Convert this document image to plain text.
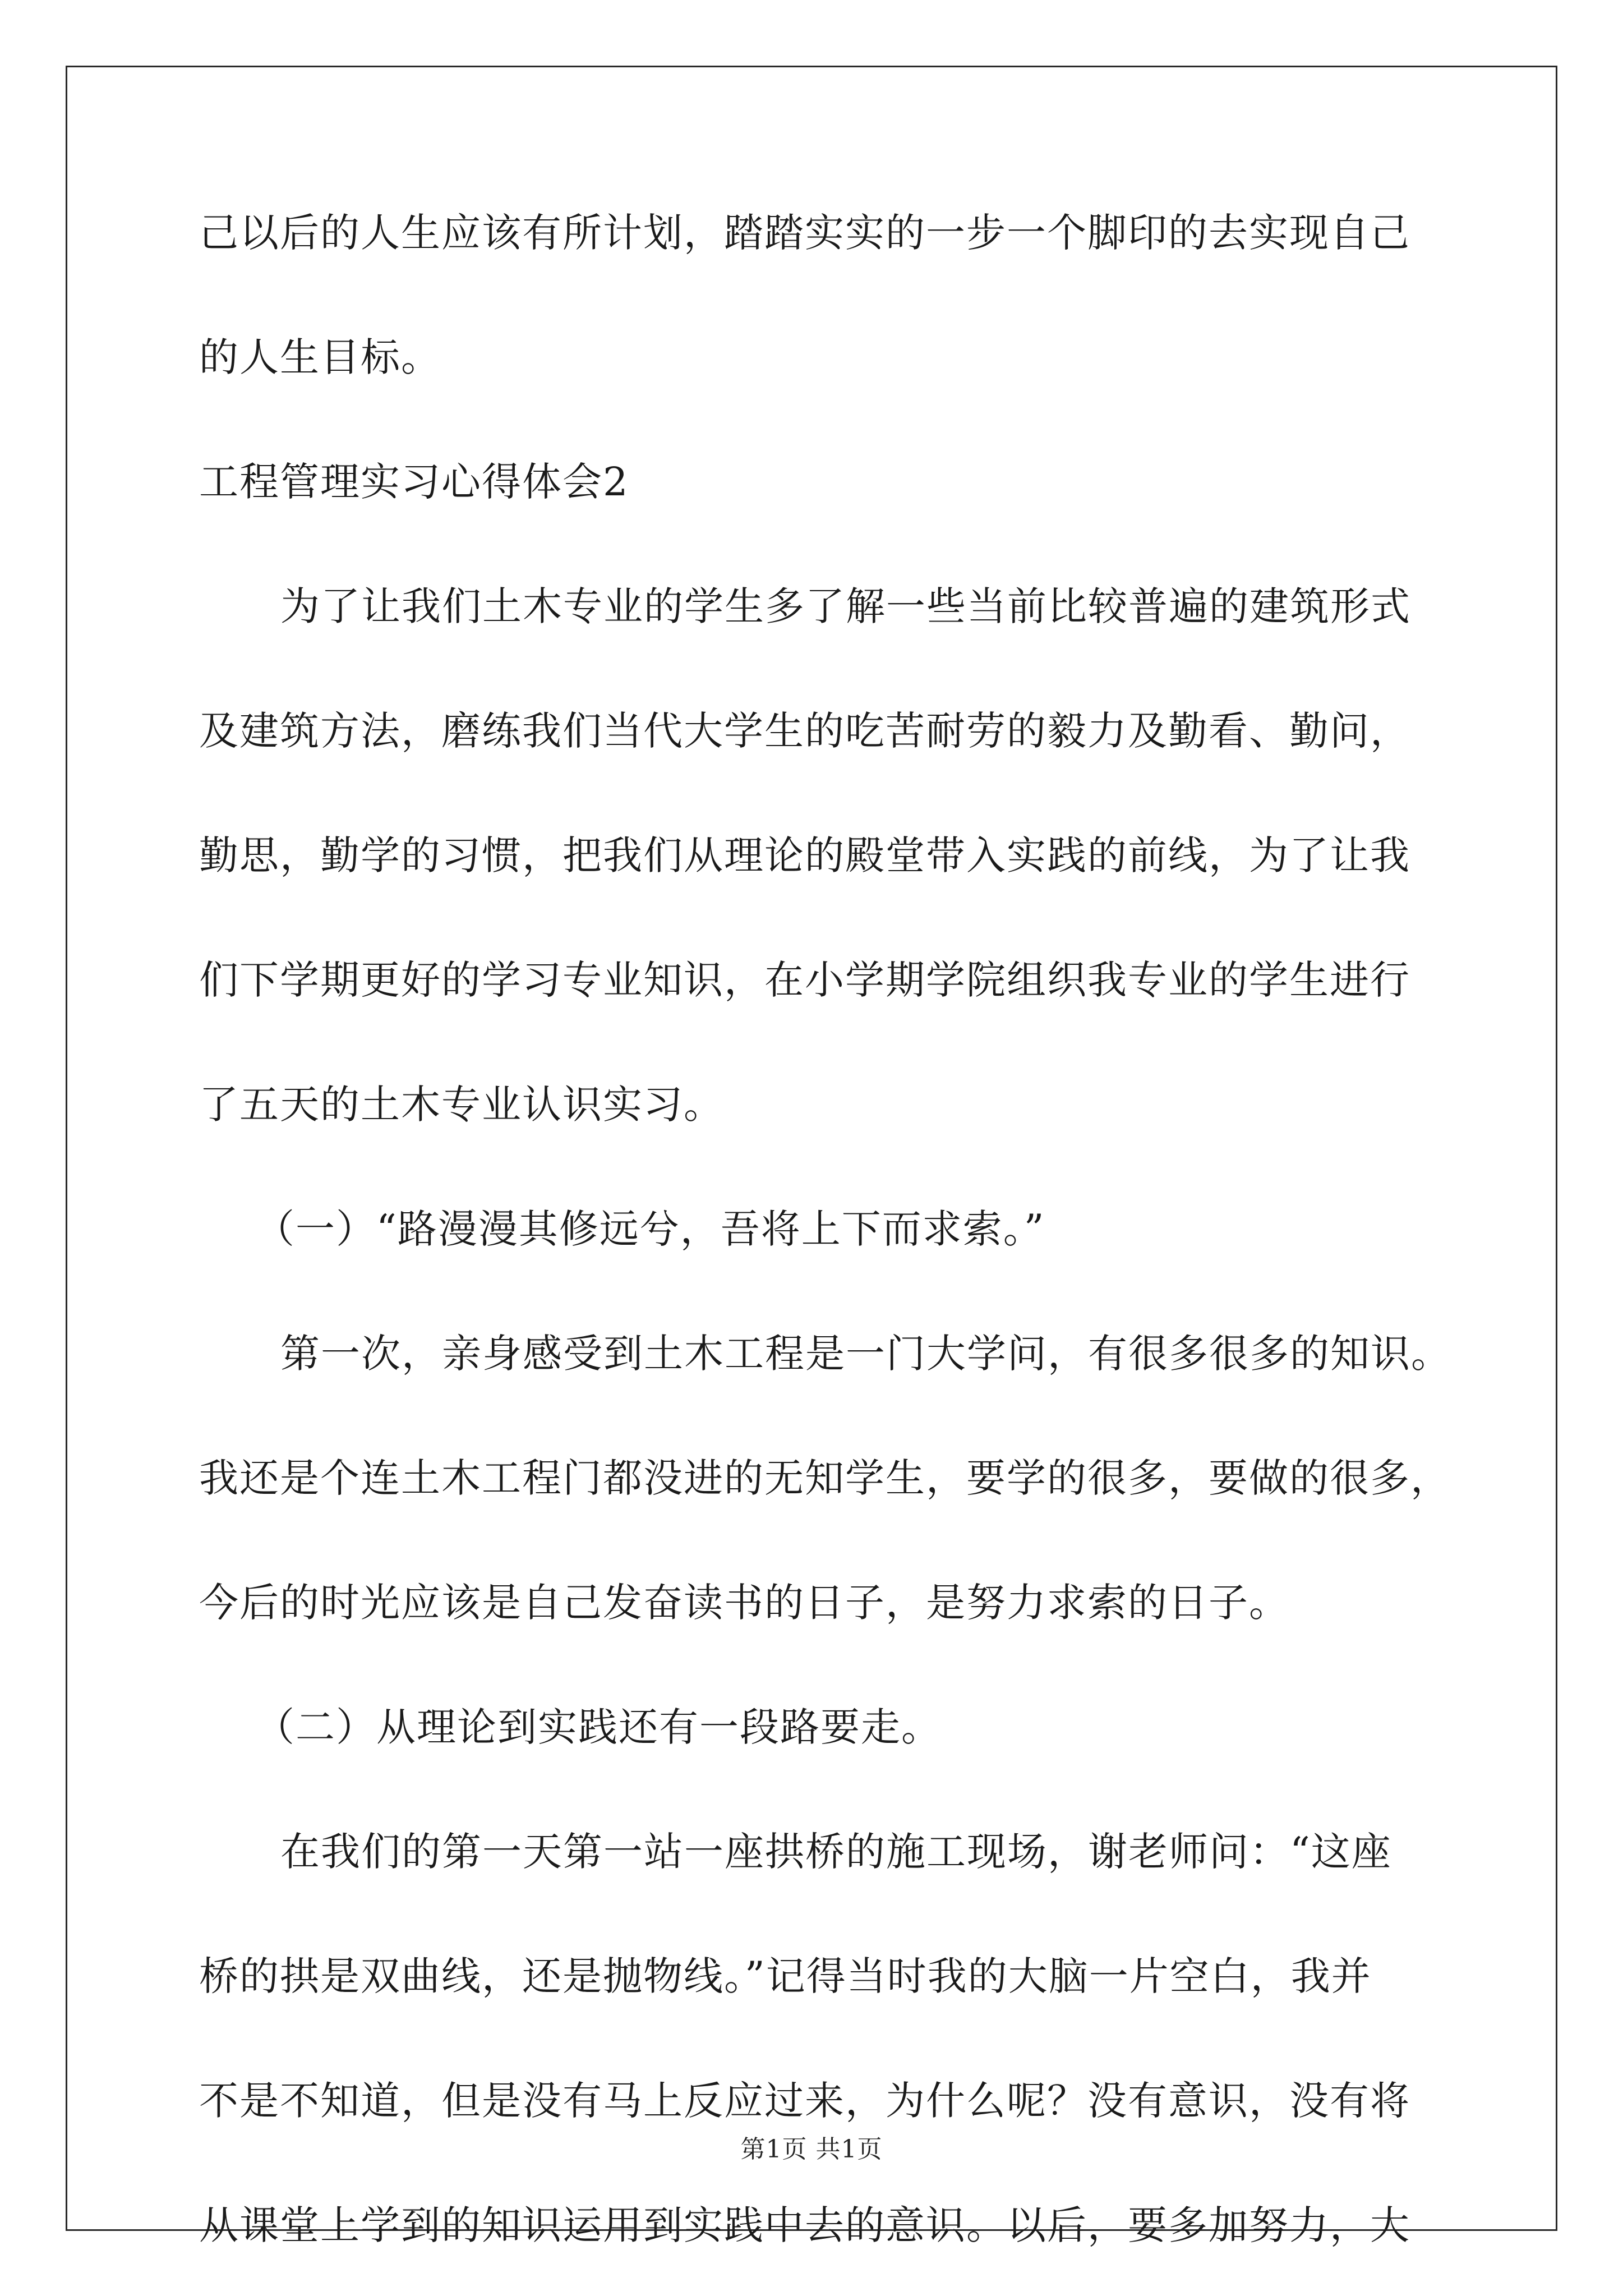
己以后的人生应该有所计划，踏踏实实的一步一个脚印的去实现自己
的人生目标。
工程管理实习心得体会2
为了让我们土木专业的学生多了解一些当前比较普遍的建筑形式
及建筑方法，磨练我们当代大学生的吃苦耐劳的毅力及勤看、勤问，
勤思，勤学的习惯，把我们从理论的殿堂带入实践的前线，为了让我
们下学期更好的学习专业知识，在小学期学院组织我专业的学生进行
了五天的土木专业认识实习。
（一）“路漫漫其修远兮，吾将上下而求索。”
第一次，亲身感受到土木工程是一门大学问，有很多很多的知识。
我还是个连土木工程门都没进的无知学生，要学的很多，要做的很多，
今后的时光应该是自己发奋读书的日子，是努力求索的日子。
（二）从理论到实践还有一段路要走。
在我们的第一天第一站一座拱桥的施工现场，谢老师问：“这座
桥的拱是双曲线，还是抛物线。”记得当时我的大脑一片空白，我并
不是不知道，但是没有马上反应过来，为什么呢？没有意识，没有将
从课堂上学到的知识运用到实践中去的意识。以后，要多加努力，大
第1页 共1页
